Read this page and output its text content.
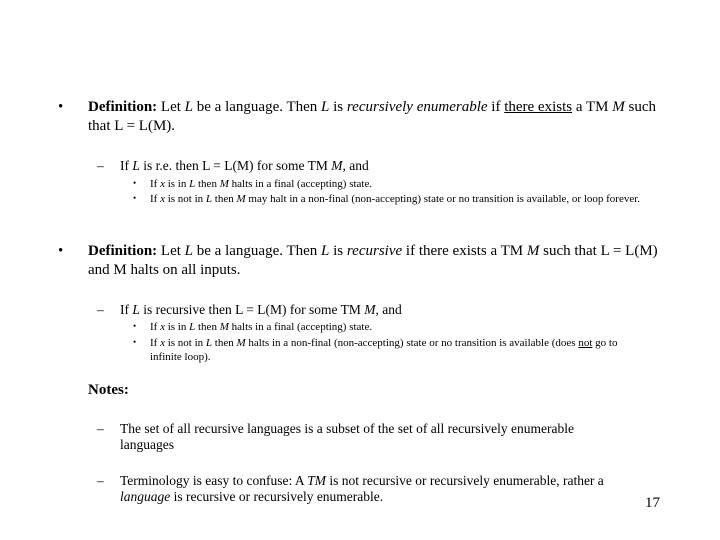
• Definition: Let L be a language. Then L is recursively enumerable if there exists a TM M such that L = L(M).
– If L is r.e. then L = L(M) for some TM M, and
• If x is in L then M halts in a final (accepting) state.
• If x is not in L then M may halt in a non-final (non-accepting) state or no transition is available, or loop forever.
• Definition: Let L be a language. Then L is recursive if there exists a TM M such that L = L(M) and M halts on all inputs.
– If L is recursive then L = L(M) for some TM M, and
• If x is in L then M halts in a final (accepting) state.
• If x is not in L then M halts in a non-final (non-accepting) state or no transition is available (does not go to infinite loop).
Notes:
– The set of all recursive languages is a subset of the set of all recursively enumerable languages
– Terminology is easy to confuse: A TM is not recursive or recursively enumerable, rather a language is recursive or recursively enumerable.	17
